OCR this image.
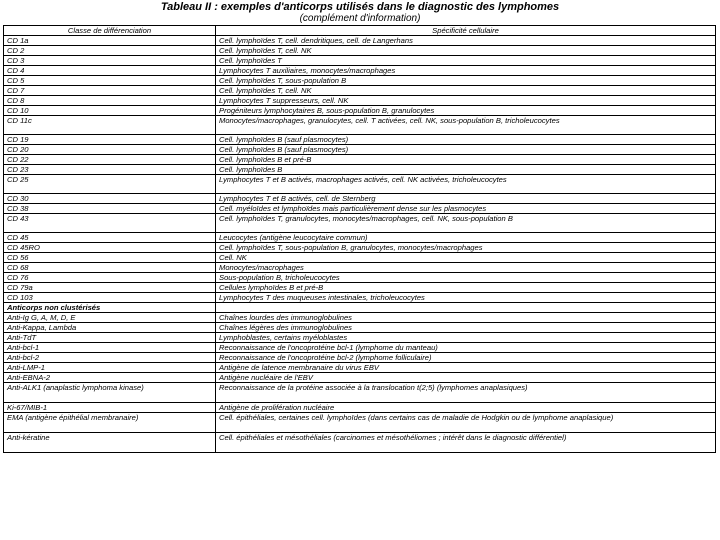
Tableau II : exemples d'anticorps utilisés dans le diagnostic des lymphomes
(complément d'information)
Classe de différenciation	Spécificité cellulaire
CD 1a	Cell. lymphoïdes T, cell. dendritiques, cell. de Langerhans
CD 2	Cell. lymphoïdes T, cell. NK
CD 3	Cell. lymphoïdes T
CD 4	Lymphocytes T auxiliaires, monocytes/macrophages
CD 5	Cell. lymphoïdes T, sous-population B
CD 7	Cell. lymphoïdes T, cell. NK
CD 8	Lymphocytes T suppresseurs, cell. NK
CD 10	Progéniteurs lymphocytaires B, sous-population B, granulocytes
CD 11c	Monocytes/macrophages, granulocytes, cell. T activées, cell. NK, sous-population B, tricholeucocytes
CD 19	Cell. lymphoïdes B (sauf plasmocytes)
CD 20	Cell. lymphoïdes B (sauf plasmocytes)
CD 22	Cell. lymphoïdes B et pré-B
CD 23	Cell. lymphoïdes B
CD 25	Lymphocytes T et B activés, macrophages activés, cell. NK activées, tricholeucocytes
CD 30	Lymphocytes T et B activés, cell. de Sternberg
CD 38	Cell. myéloïdes et lymphoïdes mais particulièrement dense sur les plasmocytes
CD 43	Cell. lymphoïdes T, granulocytes, monocytes/macrophages, cell. NK, sous-population B
CD 45	Leucocytes (antigène leucocytaire commun)
CD 45RO	Cell. lymphoïdes T, sous-population B, granulocytes, monocytes/macrophages
CD 56	Cell. NK
CD 68	Monocytes/macrophages
CD 76	Sous-population B, tricholeucocytes
CD 79a	Cellules lymphoïdes B et pré-B
CD 103	Lymphocytes T des muqueuses intestinales, tricholeucocytes
Anticorps non clustérisés	
Anti-Ig G, A, M, D, E	Chaînes lourdes des immunoglobulines
Anti-Kappa, Lambda	Chaînes légères des immunoglobulines
Anti-TdT	Lymphoblastes, certains myéloblastes
Anti-bcl-1	Reconnaissance de l'oncoprotéine bcl-1 (lymphome du manteau)
Anti-bcl-2	Reconnaissance de l'oncoprotéine bcl-2 (lymphome folliculaire)
Anti-LMP-1	Antigène de latence membranaire du virus EBV
Anti-EBNA-2	Antigène nucléaire de l'EBV
Anti-ALK1 (anaplastic lymphoma kinase)	Reconnaissance de la protéine associée à la translocation t(2;5) (lymphomes anaplasiques)
Ki-67/MIB-1	Antigène de prolifération nucléaire
EMA (antigène épithélial membranaire)	Cell. épithéliales, certaines cell. lymphoïdes (dans certains cas de maladie de Hodgkin ou de lymphome anaplasique)
Anti-kératine	Cell. épithéliales et mésothéliales (carcinomes et mésothéliomes ; intérêt dans le diagnostic différentiel)
